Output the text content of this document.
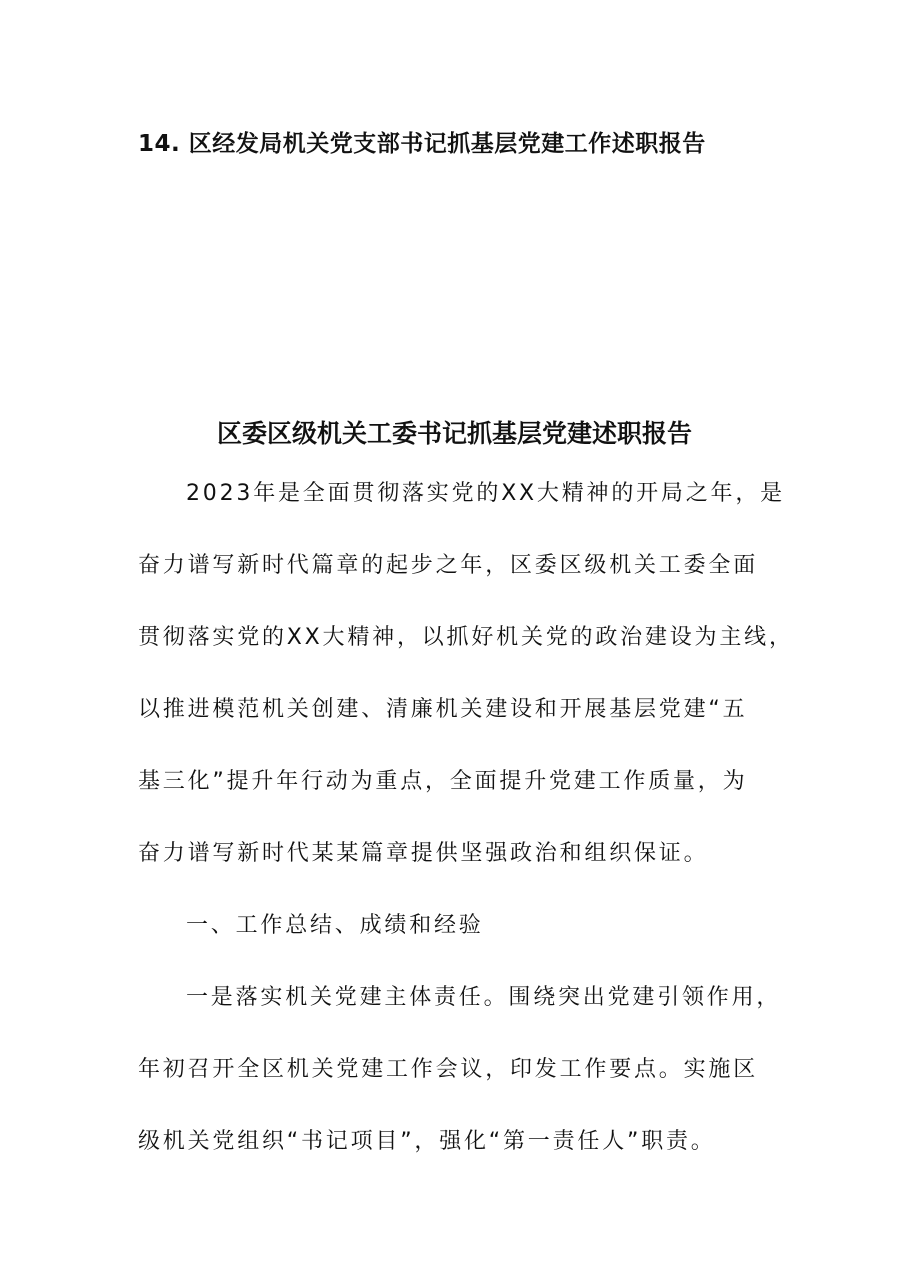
14. 区经发局机关党支部书记抓基层党建工作述职报告
区委区级机关工委书记抓基层党建述职报告
2023年是全面贯彻落实党的XX大精神的开局之年，是
奋力谱写新时代篇章的起步之年，区委区级机关工委全面
贯彻落实党的XX大精神，以抓好机关党的政治建设为主线，
以推进模范机关创建、清廉机关建设和开展基层党建“五
基三化”提升年行动为重点，全面提升党建工作质量，为
奋力谱写新时代某某篇章提供坚强政治和组织保证。
一、工作总结、成绩和经验
一是落实机关党建主体责任。围绕突出党建引领作用，
年初召开全区机关党建工作会议，印发工作要点。实施区
级机关党组织“书记项目”，强化“第一责任人”职责。
